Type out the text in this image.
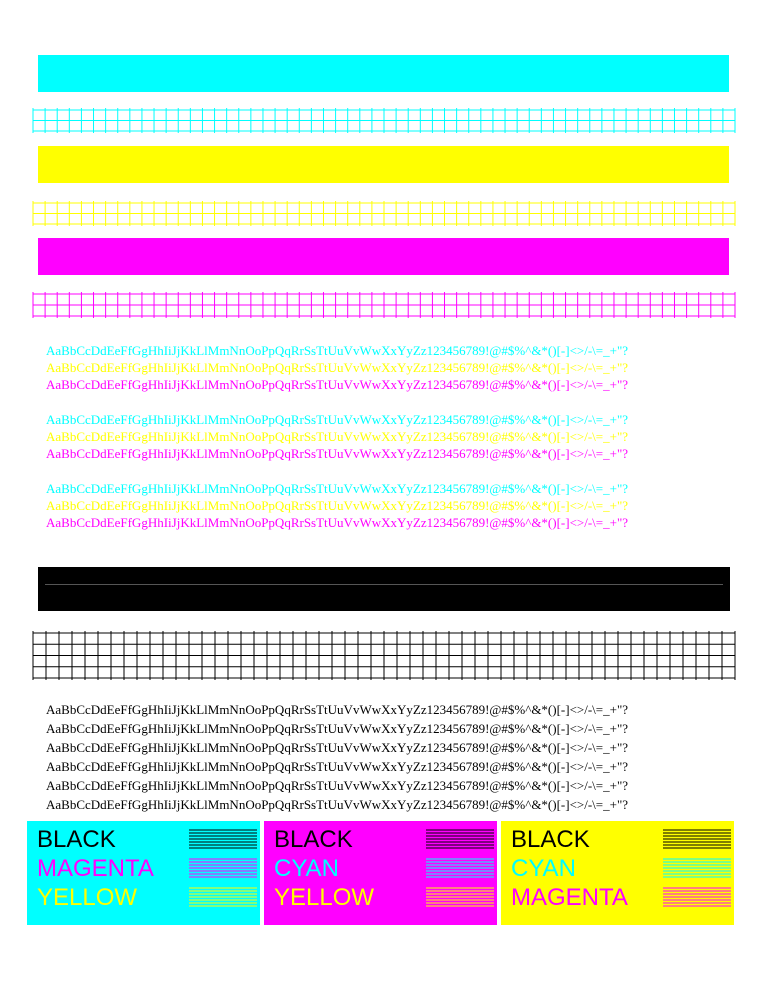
AaBbCcDdEeFfGgHhIiJjKkLlMmNnOoPpQqRrSsTtUuVvWwXxYyZz123456789!@#$%^&*()[-]<>/-\=_+"?
AaBbCcDdEeFfGgHhIiJjKkLlMmNnOoPpQqRrSsTtUuVvWwXxYyZz123456789!@#$%^&*()[-]<>/-\=_+"?
AaBbCcDdEeFfGgHhIiJjKkLlMmNnOoPpQqRrSsTtUuVvWwXxYyZz123456789!@#$%^&*()[-]<>/-\=_+"?
AaBbCcDdEeFfGgHhIiJjKkLlMmNnOoPpQqRrSsTtUuVvWwXxYyZz123456789!@#$%^&*()[-]<>/-\=_+"?
AaBbCcDdEeFfGgHhIiJjKkLlMmNnOoPpQqRrSsTtUuVvWwXxYyZz123456789!@#$%^&*()[-]<>/-\=_+"?
AaBbCcDdEeFfGgHhIiJjKkLlMmNnOoPpQqRrSsTtUuVvWwXxYyZz123456789!@#$%^&*()[-]<>/-\=_+"?
AaBbCcDdEeFfGgHhIiJjKkLlMmNnOoPpQqRrSsTtUuVvWwXxYyZz123456789!@#$%^&*()[-]<>/-\=_+"?
AaBbCcDdEeFfGgHhIiJjKkLlMmNnOoPpQqRrSsTtUuVvWwXxYyZz123456789!@#$%^&*()[-]<>/-\=_+"?
AaBbCcDdEeFfGgHhIiJjKkLlMmNnOoPpQqRrSsTtUuVvWwXxYyZz123456789!@#$%^&*()[-]<>/-\=_+"?
AaBbCcDdEeFfGgHhIiJjKkLlMmNnOoPpQqRrSsTtUuVvWwXxYyZz123456789!@#$%^&*()[-]<>/-\=_+"?
AaBbCcDdEeFfGgHhIiJjKkLlMmNnOoPpQqRrSsTtUuVvWwXxYyZz123456789!@#$%^&*()[-]<>/-\=_+"?
AaBbCcDdEeFfGgHhIiJjKkLlMmNnOoPpQqRrSsTtUuVvWwXxYyZz123456789!@#$%^&*()[-]<>/-\=_+"?
AaBbCcDdEeFfGgHhIiJjKkLlMmNnOoPpQqRrSsTtUuVvWwXxYyZz123456789!@#$%^&*()[-]<>/-\=_+"?
AaBbCcDdEeFfGgHhIiJjKkLlMmNnOoPpQqRrSsTtUuVvWwXxYyZz123456789!@#$%^&*()[-]<>/-\=_+"?
AaBbCcDdEeFfGgHhIiJjKkLlMmNnOoPpQqRrSsTtUuVvWwXxYyZz123456789!@#$%^&*()[-]<>/-\=_+"?
BLACK
MAGENTA
YELLOW
BLACK
CYAN
YELLOW
BLACK
CYAN
MAGENTA
